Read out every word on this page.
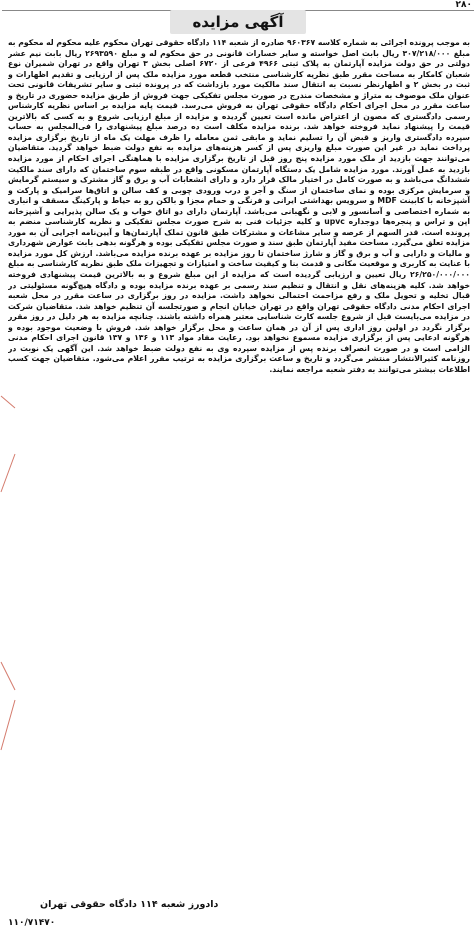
۲۸۰
آگهی مزایده
به موجب پرونده اجرائی به شماره کلاسه ۹۶۰۳۶۷ صادره از شعبه ۱۱۴ دادگاه حقوقی تهران محکوم علیه محکوم له محکوم به مبلغ ۳۰۷/۲۱۸/۰۰۰ ریال بابت اصل خواسته و سایر خسارات قانونی در حق محکوم له و مبلغ ۲۶۹۳۵۹۰ ریال بابت نیم عشر دولتی در حق دولت مزایده آپارتمان به پلاک ثبتی ۴۹۶۶ فرعی از ۶۷۲۰ اصلی بخش ۳ تهران واقع در تهران شمیران نوع شعبان کامکار به مساحت مقرر طبق نظریه کارشناسی منتخب قطعه مورد مزایده ملک پس از ارزیابی و تقدیم اظهارات و ثبت در بخش ۲ و اظهارنظر نسبت به انتقال سند مالکیت مورد بازداشت که در پرونده ثبتی و سایر تشریفات قانونی تحت عنوان ملک موصوف به متراژ و مشخصات مندرج در صورت مجلس تفکیکی جهت فروش از طریق مزایده حضوری در تاریخ و ساعت مقرر در محل اجرای احکام دادگاه حقوقی تهران به فروش می‌رسد. قیمت پایه مزایده بر اساس نظریه کارشناس رسمی دادگستری که مصون از اعتراض مانده است تعیین گردیده و مزایده از مبلغ ارزیابی شروع و به کسی که بالاترین قیمت را پیشنهاد نماید فروخته خواهد شد. برنده مزایده مکلف است ده درصد مبلغ پیشنهادی را فی‌المجلس به حساب سپرده دادگستری واریز و قبض آن را تسلیم نماید و مابقی ثمن معامله را ظرف مهلت یک ماه از تاریخ برگزاری مزایده پرداخت نماید در غیر این صورت مبلغ واریزی پس از کسر هزینه‌های مزایده به نفع دولت ضبط خواهد گردید. متقاضیان می‌توانند جهت بازدید از ملک مورد مزایده پنج روز قبل از تاریخ برگزاری مزایده با هماهنگی اجرای احکام از مورد مزایده بازدید به عمل آورند. مورد مزایده شامل یک دستگاه آپارتمان مسکونی واقع در طبقه سوم ساختمان که دارای سند مالکیت ششدانگ می‌باشد و به صورت کامل در اختیار مالک قرار دارد و دارای انشعابات آب و برق و گاز مشترک و سیستم گرمایش و سرمایش مرکزی بوده و نمای ساختمان از سنگ و آجر و درب ورودی چوبی و کف سالن و اتاق‌ها سرامیک و پارکت و آشپزخانه با کابینت MDF و سرویس بهداشتی ایرانی و فرنگی و حمام مجزا و بالکن رو به حیاط و پارکینگ مسقف و انباری به شماره اختصاصی و آسانسور و لابی و نگهبانی می‌باشد. آپارتمان دارای دو اتاق خواب و یک سالن پذیرایی و آشپزخانه اپن و تراس و پنجره‌ها دوجداره upvc و کلیه جزئیات فنی به شرح صورت مجلس تفکیکی و نظریه کارشناسی منضم به پرونده است. قدر السهم از عرصه و سایر مشاعات و مشترکات طبق قانون تملک آپارتمان‌ها و آیین‌نامه اجرایی آن به مورد مزایده تعلق می‌گیرد. مساحت مفید آپارتمان طبق سند و صورت مجلس تفکیکی بوده و هرگونه بدهی بابت عوارض شهرداری و مالیات و دارایی و آب و برق و گاز و شارژ ساختمان تا روز مزایده بر عهده برنده مزایده می‌باشد. ارزش کل مورد مزایده با عنایت به کاربری و موقعیت مکانی و قدمت بنا و کیفیت ساخت و امتیازات و تجهیزات ملک طبق نظریه کارشناسی به مبلغ ۲۶/۲۵۰/۰۰۰/۰۰۰ ریال تعیین و ارزیابی گردیده است که مزایده از این مبلغ شروع و به بالاترین قیمت پیشنهادی فروخته خواهد شد. کلیه هزینه‌های نقل و انتقال و تنظیم سند رسمی بر عهده برنده مزایده بوده و دادگاه هیچ‌گونه مسئولیتی در قبال تخلیه و تحویل ملک و رفع مزاحمت احتمالی نخواهد داشت. مزایده در روز برگزاری در ساعت مقرر در محل شعبه اجرای احکام مدنی دادگاه حقوقی تهران واقع در تهران خیابان انجام و صورتجلسه آن تنظیم خواهد شد. متقاضیان شرکت در مزایده می‌بایست قبل از شروع جلسه کارت شناسایی معتبر همراه داشته باشند. چنانچه مزایده به هر دلیل در روز مقرر برگزار نگردد در اولین روز اداری پس از آن در همان ساعت و محل برگزار خواهد شد. فروش با وضعیت موجود بوده و هرگونه ادعایی پس از برگزاری مزایده مسموع نخواهد بود. رعایت مفاد مواد ۱۱۳ و ۱۳۶ و ۱۳۷ قانون اجرای احکام مدنی الزامی است و در صورت انصراف برنده پس از مزایده سپرده وی به نفع دولت ضبط خواهد شد. این آگهی یک نوبت در روزنامه کثیرالانتشار منتشر می‌گردد و تاریخ و ساعت برگزاری مزایده به ترتیب مقرر اعلام می‌شود. متقاضیان جهت کسب اطلاعات بیشتر می‌توانند به دفتر شعبه مراجعه نمایند.
دادورز شعبه ۱۱۴ دادگاه حقوقی تهران
۱۱۰/۷۱۴۷۰
